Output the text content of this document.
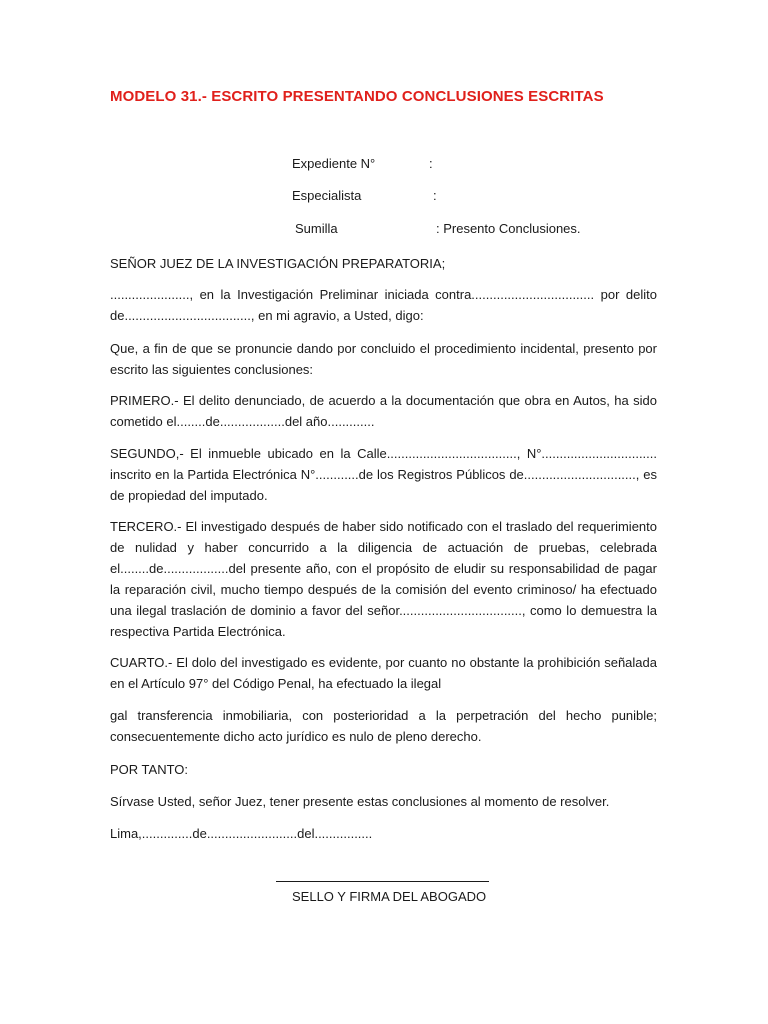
MODELO 31.- ESCRITO PRESENTANDO CONCLUSIONES ESCRITAS
Expediente N°	:
Especialista	:
Sumilla	: Presento Conclusiones.

SEÑOR JUEZ DE LA INVESTIGACIÓN PREPARATORIA;

......................, en la Investigación Preliminar iniciada contra.................................. por delito de..................................., en mi agravio, a Usted, digo:

Que, a fin de que se pronuncie dando por concluido el procedimiento incidental, presento por escrito las siguientes conclusiones:

PRIMERO.- El delito denunciado, de acuerdo a la documentación que obra en Autos, ha sido cometido el........de..................del año.............

SEGUNDO,- El inmueble ubicado en la Calle...................................., N°................................ inscrito en la Partida Electrónica N°............de los Registros Públicos de..............................., es de propiedad del imputado.

TERCERO.- El investigado después de haber sido notificado con el traslado del requerimiento de nulidad y haber concurrido a la diligencia de actuación de pruebas, celebrada el........de..................del presente año, con el propósito de eludir su responsabilidad de pagar la reparación civil, mucho tiempo después de la comisión del evento criminoso/ ha efectuado una ilegal traslación de dominio a favor del señor.................................., como lo demuestra la respectiva Partida Electrónica.

CUARTO.- El dolo del investigado es evidente, por cuanto no obstante la prohibición señalada en el Artículo 97° del Código Penal, ha efectuado la ilegal

gal transferencia inmobiliaria, con posterioridad a la perpetración del hecho punible; consecuentemente dicho acto jurídico es nulo de pleno derecho.

POR TANTO:

Sírvase Usted, señor Juez, tener presente estas conclusiones al momento de resolver.

Lima,..............de.........................del................

SELLO Y FIRMA DEL ABOGADO
